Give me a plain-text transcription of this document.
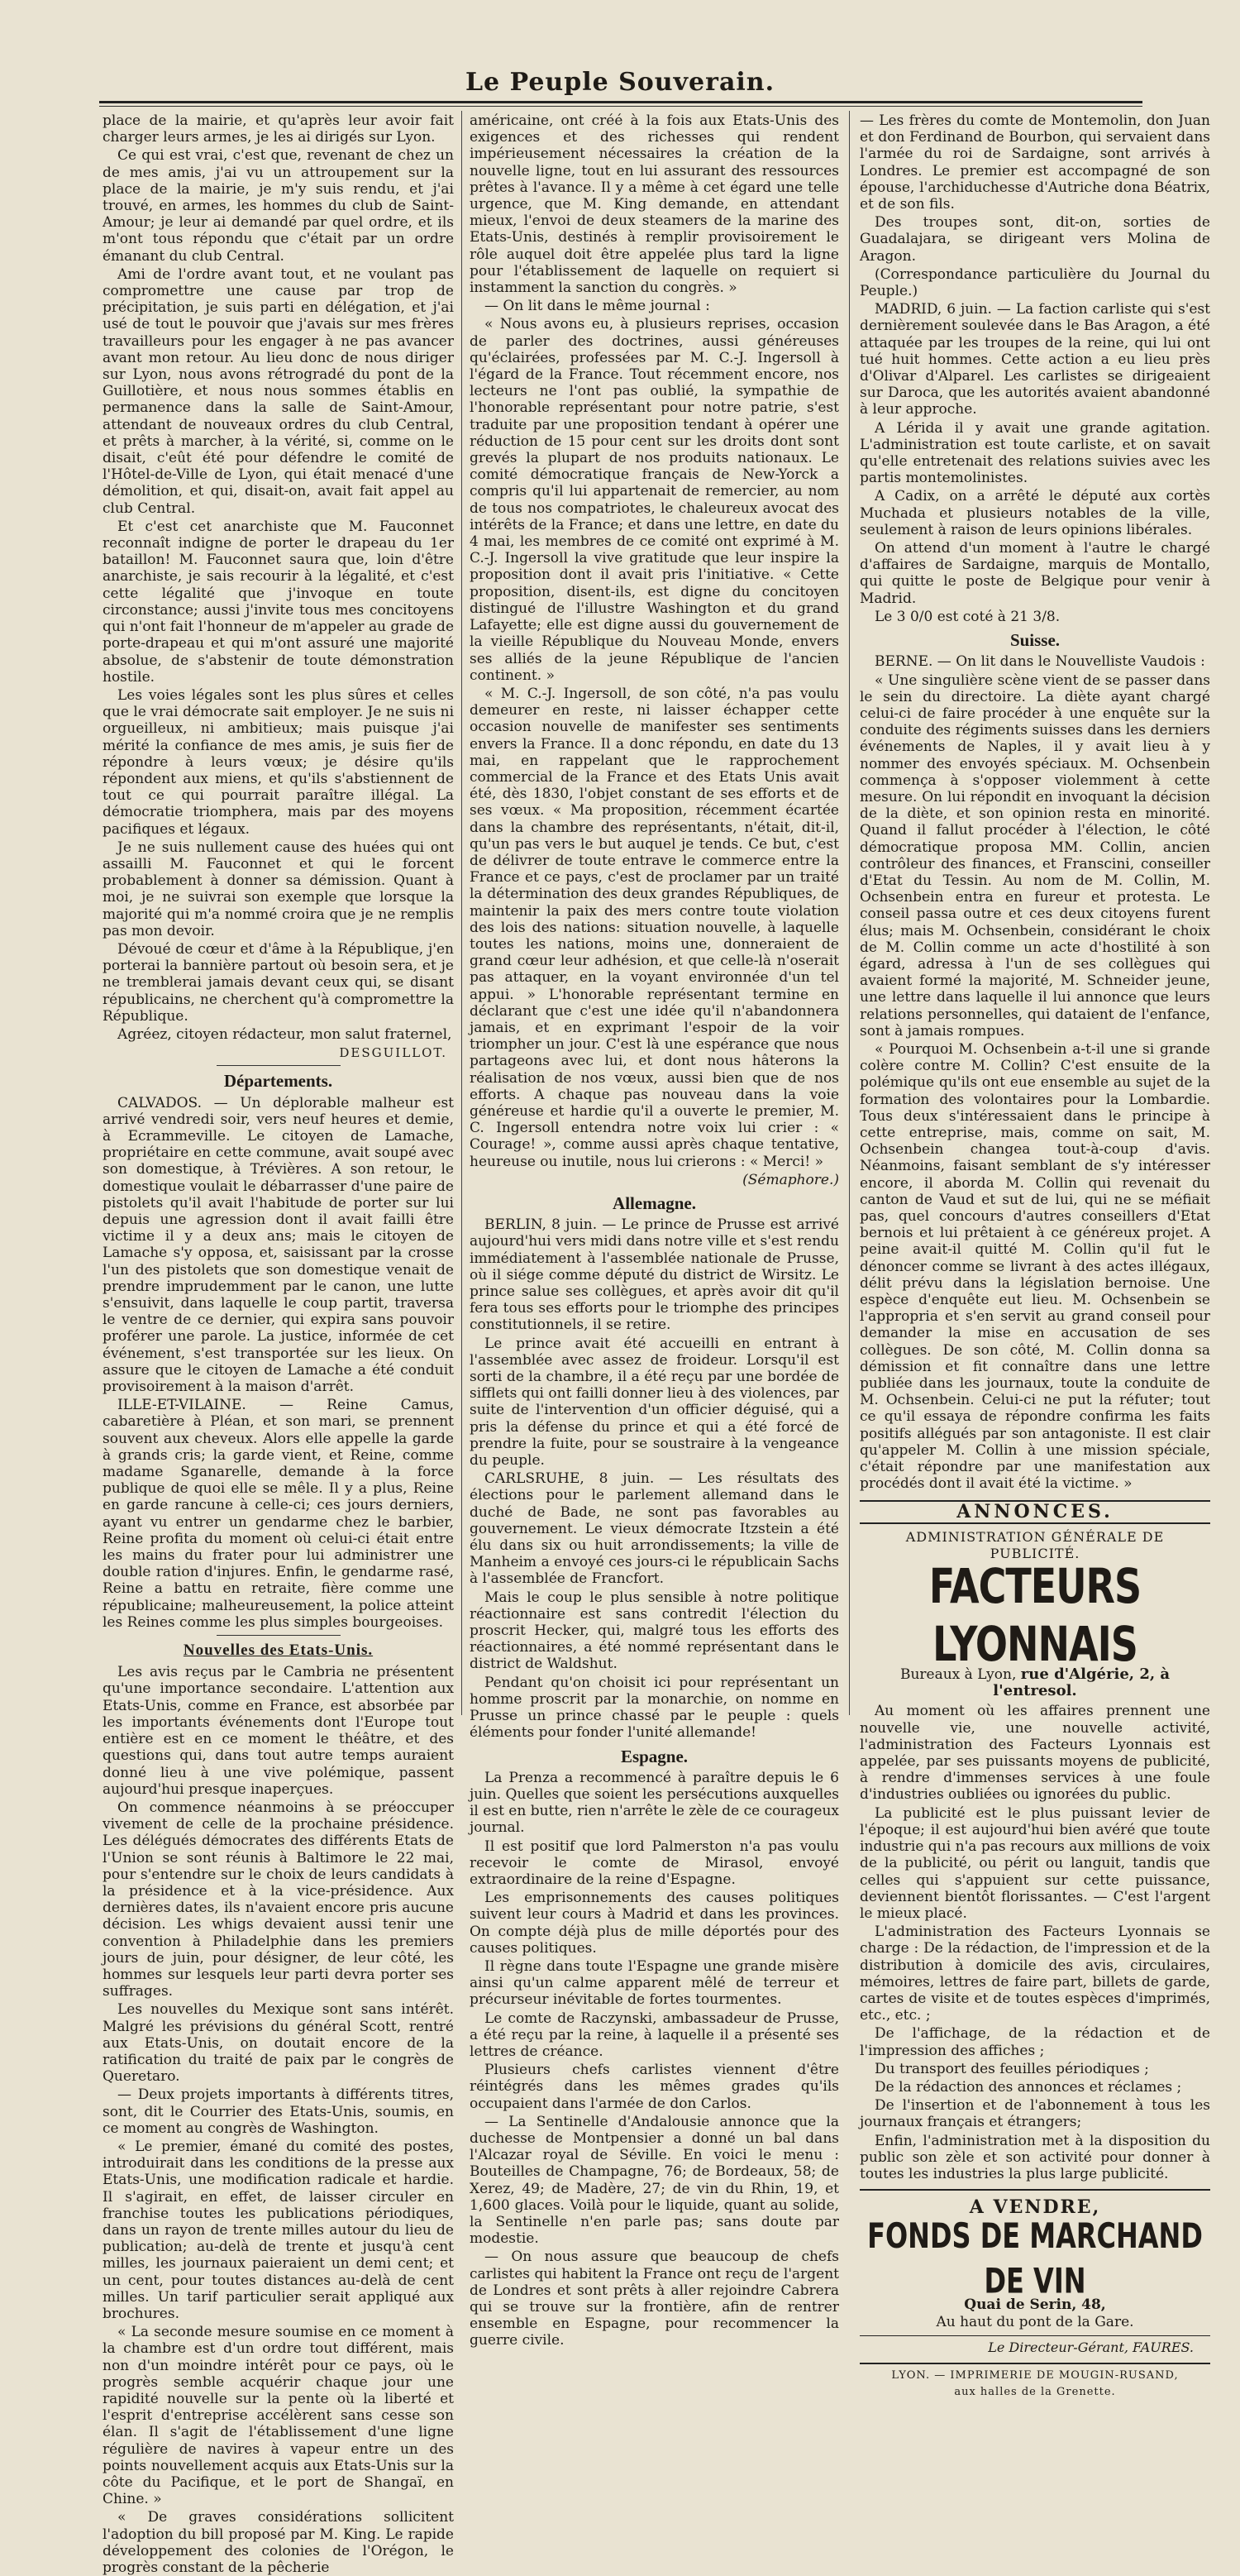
Le Peuple Souverain.

place de la mairie, et qu'après leur avoir fait charger leurs armes, je les ai dirigés sur Lyon.

Ce qui est vrai, c'est que, revenant de chez un de mes amis, j'ai vu un attroupement sur la place de la mairie, je m'y suis rendu, et j'ai trouvé, en armes, les hommes du club de Saint-Amour; je leur ai demandé par quel ordre, et ils m'ont tous répondu que c'était par un ordre émanant du club Central.

Ami de l'ordre avant tout, et ne voulant pas compromettre une cause par trop de précipitation, je suis parti en délégation, et j'ai usé de tout le pouvoir que j'avais sur mes frères travailleurs pour les engager à ne pas avancer avant mon retour. Au lieu donc de nous diriger sur Lyon, nous avons rétrogradé du pont de la Guillotière, et nous nous sommes établis en permanence dans la salle de Saint-Amour, attendant de nouveaux ordres du club Central, et prêts à marcher, à la vérité, si, comme on le disait, c'eût été pour défendre le comité de l'Hôtel-de-Ville de Lyon, qui était menacé d'une démolition, et qui, disait-on, avait fait appel au club Central.

Et c'est cet anarchiste que M. Fauconnet reconnaît indigne de porter le drapeau du 1er bataillon! M. Fauconnet saura que, loin d'être anarchiste, je sais recourir à la légalité, et c'est cette légalité que j'invoque en toute circonstance; aussi j'invite tous mes concitoyens qui n'ont fait l'honneur de m'appeler au grade de porte-drapeau et qui m'ont assuré une majorité absolue, de s'abstenir de toute démonstration hostile.

Les voies légales sont les plus sûres et celles que le vrai démocrate sait employer. Je ne suis ni orgueilleux, ni ambitieux; mais puisque j'ai mérité la confiance de mes amis, je suis fier de répondre à leurs vœux; je désire qu'ils répondent aux miens, et qu'ils s'abstiennent de tout ce qui pourrait paraître illégal. La démocratie triomphera, mais par des moyens pacifiques et légaux.

Je ne suis nullement cause des huées qui ont assailli M. Fauconnet et qui le forcent probablement à donner sa démission. Quant à moi, je ne suivrai son exemple que lorsque la majorité qui m'a nommé croira que je ne remplis pas mon devoir.

Dévoué de cœur et d'âme à la République, j'en porterai la bannière partout où besoin sera, et je ne tremblerai jamais devant ceux qui, se disant républicains, ne cherchent qu'à compromettre la République.

Agréez, citoyen rédacteur, mon salut fraternel,

DESGUILLOT.
Départements.

CALVADOS. — Un déplorable malheur est arrivé vendredi soir, vers neuf heures et demie, à Ecrammeville. Le citoyen de Lamache, propriétaire en cette commune, avait soupé avec son domestique, à Trévières. A son retour, le domestique voulait le débarrasser d'une paire de pistolets qu'il avait l'habitude de porter sur lui depuis une agression dont il avait failli être victime il y a deux ans; mais le citoyen de Lamache s'y opposa, et, saisissant par la crosse l'un des pistolets que son domestique venait de prendre imprudemment par le canon, une lutte s'ensuivit, dans laquelle le coup partit, traversa le ventre de ce dernier, qui expira sans pouvoir proférer une parole. La justice, informée de cet événement, s'est transportée sur les lieux. On assure que le citoyen de Lamache a été conduit provisoirement à la maison d'arrêt.

ILLE-ET-VILAINE. — Reine Camus, cabaretière à Pléan, et son mari, se prennent souvent aux cheveux. Alors elle appelle la garde à grands cris; la garde vient, et Reine, comme madame Sganarelle, demande à la force publique de quoi elle se mêle. Il y a plus, Reine en garde rancune à celle-ci; ces jours derniers, ayant vu entrer un gendarme chez le barbier, Reine profita du moment où celui-ci était entre les mains du frater pour lui administrer une double ration d'injures. Enfin, le gendarme rasé, Reine a battu en retraite, fière comme une républicaine; malheureusement, la police atteint les Reines comme les plus simples bourgeoises.

Nouvelles des Etats-Unis.

Les avis reçus par le Cambria ne présentent qu'une importance secondaire. L'attention aux Etats-Unis, comme en France, est absorbée par les importants événements dont l'Europe tout entière est en ce moment le théâtre, et des questions qui, dans tout autre temps auraient donné lieu à une vive polémique, passent aujourd'hui presque inaperçues.

On commence néanmoins à se préoccuper vivement de celle de la prochaine présidence. Les délégués démocrates des différents Etats de l'Union se sont réunis à Baltimore le 22 mai, pour s'entendre sur le choix de leurs candidats à la présidence et à la vice-présidence. Aux dernières dates, ils n'avaient encore pris aucune décision. Les whigs devaient aussi tenir une convention à Philadelphie dans les premiers jours de juin, pour désigner, de leur côté, les hommes sur lesquels leur parti devra porter ses suffrages.

Les nouvelles du Mexique sont sans intérêt. Malgré les prévisions du général Scott, rentré aux Etats-Unis, on doutait encore de la ratification du traité de paix par le congrès de Queretaro.

— Deux projets importants à différents titres, sont, dit le Courrier des Etats-Unis, soumis, en ce moment au congrès de Washington.

« Le premier, émané du comité des postes, introduirait dans les conditions de la presse aux Etats-Unis, une modification radicale et hardie. Il s'agirait, en effet, de laisser circuler en franchise toutes les publications périodiques, dans un rayon de trente milles autour du lieu de publication; au-delà de trente et jusqu'à cent milles, les journaux paieraient un demi cent; et un cent, pour toutes distances au-delà de cent milles. Un tarif particulier serait appliqué aux brochures.

« La seconde mesure soumise en ce moment à la chambre est d'un ordre tout différent, mais non d'un moindre intérêt pour ce pays, où le progrès semble acquérir chaque jour une rapidité nouvelle sur la pente où la liberté et l'esprit d'entreprise accélèrent sans cesse son élan. Il s'agit de l'établissement d'une ligne régulière de navires à vapeur entre un des points nouvellement acquis aux Etats-Unis sur la côte du Pacifique, et le port de Shangaï, en Chine. »

« De graves considérations sollicitent l'adoption du bill proposé par M. King. Le rapide développement des colonies de l'Orégon, le progrès constant de la pêcherie

américaine, ont créé à la fois aux Etats-Unis des exigences et des richesses qui rendent impérieusement nécessaires la création de la nouvelle ligne, tout en lui assurant des ressources prêtes à l'avance. Il y a même à cet égard une telle urgence, que M. King demande, en attendant mieux, l'envoi de deux steamers de la marine des Etats-Unis, destinés à remplir provisoirement le rôle auquel doit être appelée plus tard la ligne pour l'établissement de laquelle on requiert si instamment la sanction du congrès. »

— On lit dans le même journal :

« Nous avons eu, à plusieurs reprises, occasion de parler des doctrines, aussi généreuses qu'éclairées, professées par M. C.-J. Ingersoll à l'égard de la France. Tout récemment encore, nos lecteurs ne l'ont pas oublié, la sympathie de l'honorable représentant pour notre patrie, s'est traduite par une proposition tendant à opérer une réduction de 15 pour cent sur les droits dont sont grevés la plupart de nos produits nationaux. Le comité démocratique français de New-Yorck a compris qu'il lui appartenait de remercier, au nom de tous nos compatriotes, le chaleureux avocat des intérêts de la France; et dans une lettre, en date du 4 mai, les membres de ce comité ont exprimé à M. C.-J. Ingersoll la vive gratitude que leur inspire la proposition dont il avait pris l'initiative. « Cette proposition, disent-ils, est digne du concitoyen distingué de l'illustre Washington et du grand Lafayette; elle est digne aussi du gouvernement de la vieille République du Nouveau Monde, envers ses alliés de la jeune République de l'ancien continent. »

« M. C.-J. Ingersoll, de son côté, n'a pas voulu demeurer en reste, ni laisser échapper cette occasion nouvelle de manifester ses sentiments envers la France. Il a donc répondu, en date du 13 mai, en rappelant que le rapprochement commercial de la France et des Etats Unis avait été, dès 1830, l'objet constant de ses efforts et de ses vœux. « Ma proposition, récemment écartée dans la chambre des représentants, n'était, dit-il, qu'un pas vers le but auquel je tends. Ce but, c'est de délivrer de toute entrave le commerce entre la France et ce pays, c'est de proclamer par un traité la détermination des deux grandes Républiques, de maintenir la paix des mers contre toute violation des lois des nations: situation nouvelle, à laquelle toutes les nations, moins une, donneraient de grand cœur leur adhésion, et que celle-là n'oserait pas attaquer, en la voyant environnée d'un tel appui. » L'honorable représentant termine en déclarant que c'est une idée qu'il n'abandonnera jamais, et en exprimant l'espoir de la voir triompher un jour. C'est là une espérance que nous partageons avec lui, et dont nous hâterons la réalisation de nos vœux, aussi bien que de nos efforts. A chaque pas nouveau dans la voie généreuse et hardie qu'il a ouverte le premier, M. C. Ingersoll entendra notre voix lui crier : « Courage! », comme aussi après chaque tentative, heureuse ou inutile, nous lui crierons : « Merci! »

(Sémaphore.)
Allemagne.

BERLIN, 8 juin. — Le prince de Prusse est arrivé aujourd'hui vers midi dans notre ville et s'est rendu immédiatement à l'assemblée nationale de Prusse, où il siége comme député du district de Wirsitz. Le prince salue ses collègues, et après avoir dit qu'il fera tous ses efforts pour le triomphe des principes constitutionnels, il se retire.

Le prince avait été accueilli en entrant à l'assemblée avec assez de froideur. Lorsqu'il est sorti de la chambre, il a été reçu par une bordée de sifflets qui ont failli donner lieu à des violences, par suite de l'intervention d'un officier déguisé, qui a pris la défense du prince et qui a été forcé de prendre la fuite, pour se soustraire à la vengeance du peuple.

CARLSRUHE, 8 juin. — Les résultats des élections pour le parlement allemand dans le duché de Bade, ne sont pas favorables au gouvernement. Le vieux démocrate Itzstein a été élu dans six ou huit arrondissements; la ville de Manheim a envoyé ces jours-ci le républicain Sachs à l'assemblée de Francfort.

Mais le coup le plus sensible à notre politique réactionnaire est sans contredit l'élection du proscrit Hecker, qui, malgré tous les efforts des réactionnaires, a été nommé représentant dans le district de Waldshut.

Pendant qu'on choisit ici pour représentant un homme proscrit par la monarchie, on nomme en Prusse un prince chassé par le peuple : quels éléments pour fonder l'unité allemande!

Espagne.

La Prenza a recommencé à paraître depuis le 6 juin. Quelles que soient les persécutions auxquelles il est en butte, rien n'arrête le zèle de ce courageux journal.

Il est positif que lord Palmerston n'a pas voulu recevoir le comte de Mirasol, envoyé extraordinaire de la reine d'Espagne.

Les emprisonnements des causes politiques suivent leur cours à Madrid et dans les provinces. On compte déjà plus de mille déportés pour des causes politiques.

Il règne dans toute l'Espagne une grande misère ainsi qu'un calme apparent mêlé de terreur et précurseur inévitable de fortes tourmentes.

Le comte de Raczynski, ambassadeur de Prusse, a été reçu par la reine, à laquelle il a présenté ses lettres de créance.

Plusieurs chefs carlistes viennent d'être réintégrés dans les mêmes grades qu'ils occupaient dans l'armée de don Carlos.

— La Sentinelle d'Andalousie annonce que la duchesse de Montpensier a donné un bal dans l'Alcazar royal de Séville. En voici le menu : Bouteilles de Champagne, 76; de Bordeaux, 58; de Xerez, 49; de Madère, 27; de vin du Rhin, 19, et 1,600 glaces. Voilà pour le liquide, quant au solide, la Sentinelle n'en parle pas; sans doute par modestie.

— On nous assure que beaucoup de chefs carlistes qui habitent la France ont reçu de l'argent de Londres et sont prêts à aller rejoindre Cabrera qui se trouve sur la frontière, afin de rentrer ensemble en Espagne, pour recommencer la guerre civile.

— Les frères du comte de Montemolin, don Juan et don Ferdinand de Bourbon, qui servaient dans l'armée du roi de Sardaigne, sont arrivés à Londres. Le premier est accompagné de son épouse, l'archiduchesse d'Autriche dona Béatrix, et de son fils.

Des troupes sont, dit-on, sorties de Guadalajara, se dirigeant vers Molina de Aragon.

(Correspondance particulière du Journal du Peuple.)

MADRID, 6 juin. — La faction carliste qui s'est dernièrement soulevée dans le Bas Aragon, a été attaquée par les troupes de la reine, qui lui ont tué huit hommes. Cette action a eu lieu près d'Olivar d'Alparel. Les carlistes se dirigeaient sur Daroca, que les autorités avaient abandonné à leur approche.

A Lérida il y avait une grande agitation. L'administration est toute carliste, et on savait qu'elle entretenait des relations suivies avec les partis montemolinistes.

A Cadix, on a arrêté le député aux cortès Muchada et plusieurs notables de la ville, seulement à raison de leurs opinions libérales.

On attend d'un moment à l'autre le chargé d'affaires de Sardaigne, marquis de Montallo, qui quitte le poste de Belgique pour venir à Madrid.

Le 3 0/0 est coté à 21 3/8.

Suisse.

BERNE. — On lit dans le Nouvelliste Vaudois :

« Une singulière scène vient de se passer dans le sein du directoire. La diète ayant chargé celui-ci de faire procéder à une enquête sur la conduite des régiments suisses dans les derniers événements de Naples, il y avait lieu à y nommer des envoyés spéciaux. M. Ochsenbein commença à s'opposer violemment à cette mesure. On lui répondit en invoquant la décision de la diète, et son opinion resta en minorité. Quand il fallut procéder à l'élection, le côté démocratique proposa MM. Collin, ancien contrôleur des finances, et Franscini, conseiller d'Etat du Tessin. Au nom de M. Collin, M. Ochsenbein entra en fureur et protesta. Le conseil passa outre et ces deux citoyens furent élus; mais M. Ochsenbein, considérant le choix de M. Collin comme un acte d'hostilité à son égard, adressa à l'un de ses collègues qui avaient formé la majorité, M. Schneider jeune, une lettre dans laquelle il lui annonce que leurs relations personnelles, qui dataient de l'enfance, sont à jamais rompues.

« Pourquoi M. Ochsenbein a-t-il une si grande colère contre M. Collin? C'est ensuite de la polémique qu'ils ont eue ensemble au sujet de la formation des volontaires pour la Lombardie. Tous deux s'intéressaient dans le principe à cette entreprise, mais, comme on sait, M. Ochsenbein changea tout-à-coup d'avis. Néanmoins, faisant semblant de s'y intéresser encore, il aborda M. Collin qui revenait du canton de Vaud et sut de lui, qui ne se méfiait pas, quel concours d'autres conseillers d'Etat bernois et lui prêtaient à ce généreux projet. A peine avait-il quitté M. Collin qu'il fut le dénoncer comme se livrant à des actes illégaux, délit prévu dans la législation bernoise. Une espèce d'enquête eut lieu. M. Ochsenbein se l'appropria et s'en servit au grand conseil pour demander la mise en accusation de ses collègues. De son côté, M. Collin donna sa démission et fit connaître dans une lettre publiée dans les journaux, toute la conduite de M. Ochsenbein. Celui-ci ne put la réfuter; tout ce qu'il essaya de répondre confirma les faits positifs allégués par son antagoniste. Il est clair qu'appeler M. Collin à une mission spéciale, c'était répondre par une manifestation aux procédés dont il avait été la victime. »

ANNONCES.
ADMINISTRATION GÉNÉRALE DE PUBLICITÉ.
FACTEURS LYONNAIS
Bureaux à Lyon, rue d'Algérie, 2, à l'entresol.

Au moment où les affaires prennent une nouvelle vie, une nouvelle activité, l'administration des Facteurs Lyonnais est appelée, par ses puissants moyens de publicité, à rendre d'immenses services à une foule d'industries oubliées ou ignorées du public.

La publicité est le plus puissant levier de l'époque; il est aujourd'hui bien avéré que toute industrie qui n'a pas recours aux millions de voix de la publicité, ou périt ou languit, tandis que celles qui s'appuient sur cette puissance, deviennent bientôt florissantes. — C'est l'argent le mieux placé.

L'administration des Facteurs Lyonnais se charge : De la rédaction, de l'impression et de la distribution à domicile des avis, circulaires, mémoires, lettres de faire part, billets de garde, cartes de visite et de toutes espèces d'imprimés, etc., etc. ;

De l'affichage, de la rédaction et de l'impression des affiches ;

Du transport des feuilles périodiques ;

De la rédaction des annonces et réclames ;

De l'insertion et de l'abonnement à tous les journaux français et étrangers;

Enfin, l'administration met à la disposition du public son zèle et son activité pour donner à toutes les industries la plus large publicité.

A VENDRE,
FONDS DE MARCHAND DE VIN
Quai de Serin, 48,
Au haut du pont de la Gare.
Le Directeur-Gérant, FAURES.
LYON. — IMPRIMERIE DE MOUGIN-RUSAND,
aux halles de la Grenette.
